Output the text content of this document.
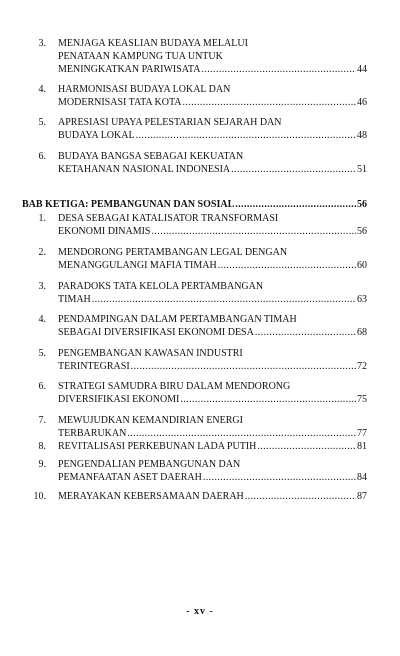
3. MENJAGA KEASLIAN BUDAYA MELALUI
PENATAAN KAMPUNG TUA UNTUK
MENINGKATKAN PARIWISATA .....	44
4. HARMONISASI BUDAYA LOKAL DAN
MODERNISASI TATA KOTA .....	46
5. APRESIASI UPAYA PELESTARIAN SEJARAH DAN
BUDAYA LOKAL .....	48
6. BUDAYA BANGSA SEBAGAI KEKUATAN
KETAHANAN NASIONAL INDONESIA .....	51
BAB KETIGA: PEMBANGUNAN DAN SOSIAL .....	56
1. DESA SEBAGAI KATALISATOR TRANSFORMASI
EKONOMI DINAMIS .....	56
2. MENDORONG PERTAMBANGAN LEGAL DENGAN
MENANGGULANGI MAFIA TIMAH .....	60
3. PARADOKS TATA KELOLA PERTAMBANGAN
TIMAH .....	63
4. PENDAMPINGAN DALAM PERTAMBANGAN TIMAH
SEBAGAI DIVERSIFIKASI EKONOMI DESA .....	68
5. PENGEMBANGAN KAWASAN INDUSTRI
TERINTEGRASI .....	72
6. STRATEGI SAMUDRA BIRU DALAM MENDORONG
DIVERSIFIKASI EKONOMI .....	75
7. MEWUJUDKAN KEMANDIRIAN ENERGI
TERBARUKAN .....	77
8. REVITALISASI PERKEBUNAN LADA PUTIH .....	81
9. PENGENDALIAN PEMBANGUNAN DAN
PEMANFAATAN ASET DAERAH .....	84
10. MERAYAKAN KEBERSAMAAN DAERAH .....	87
- xv -
